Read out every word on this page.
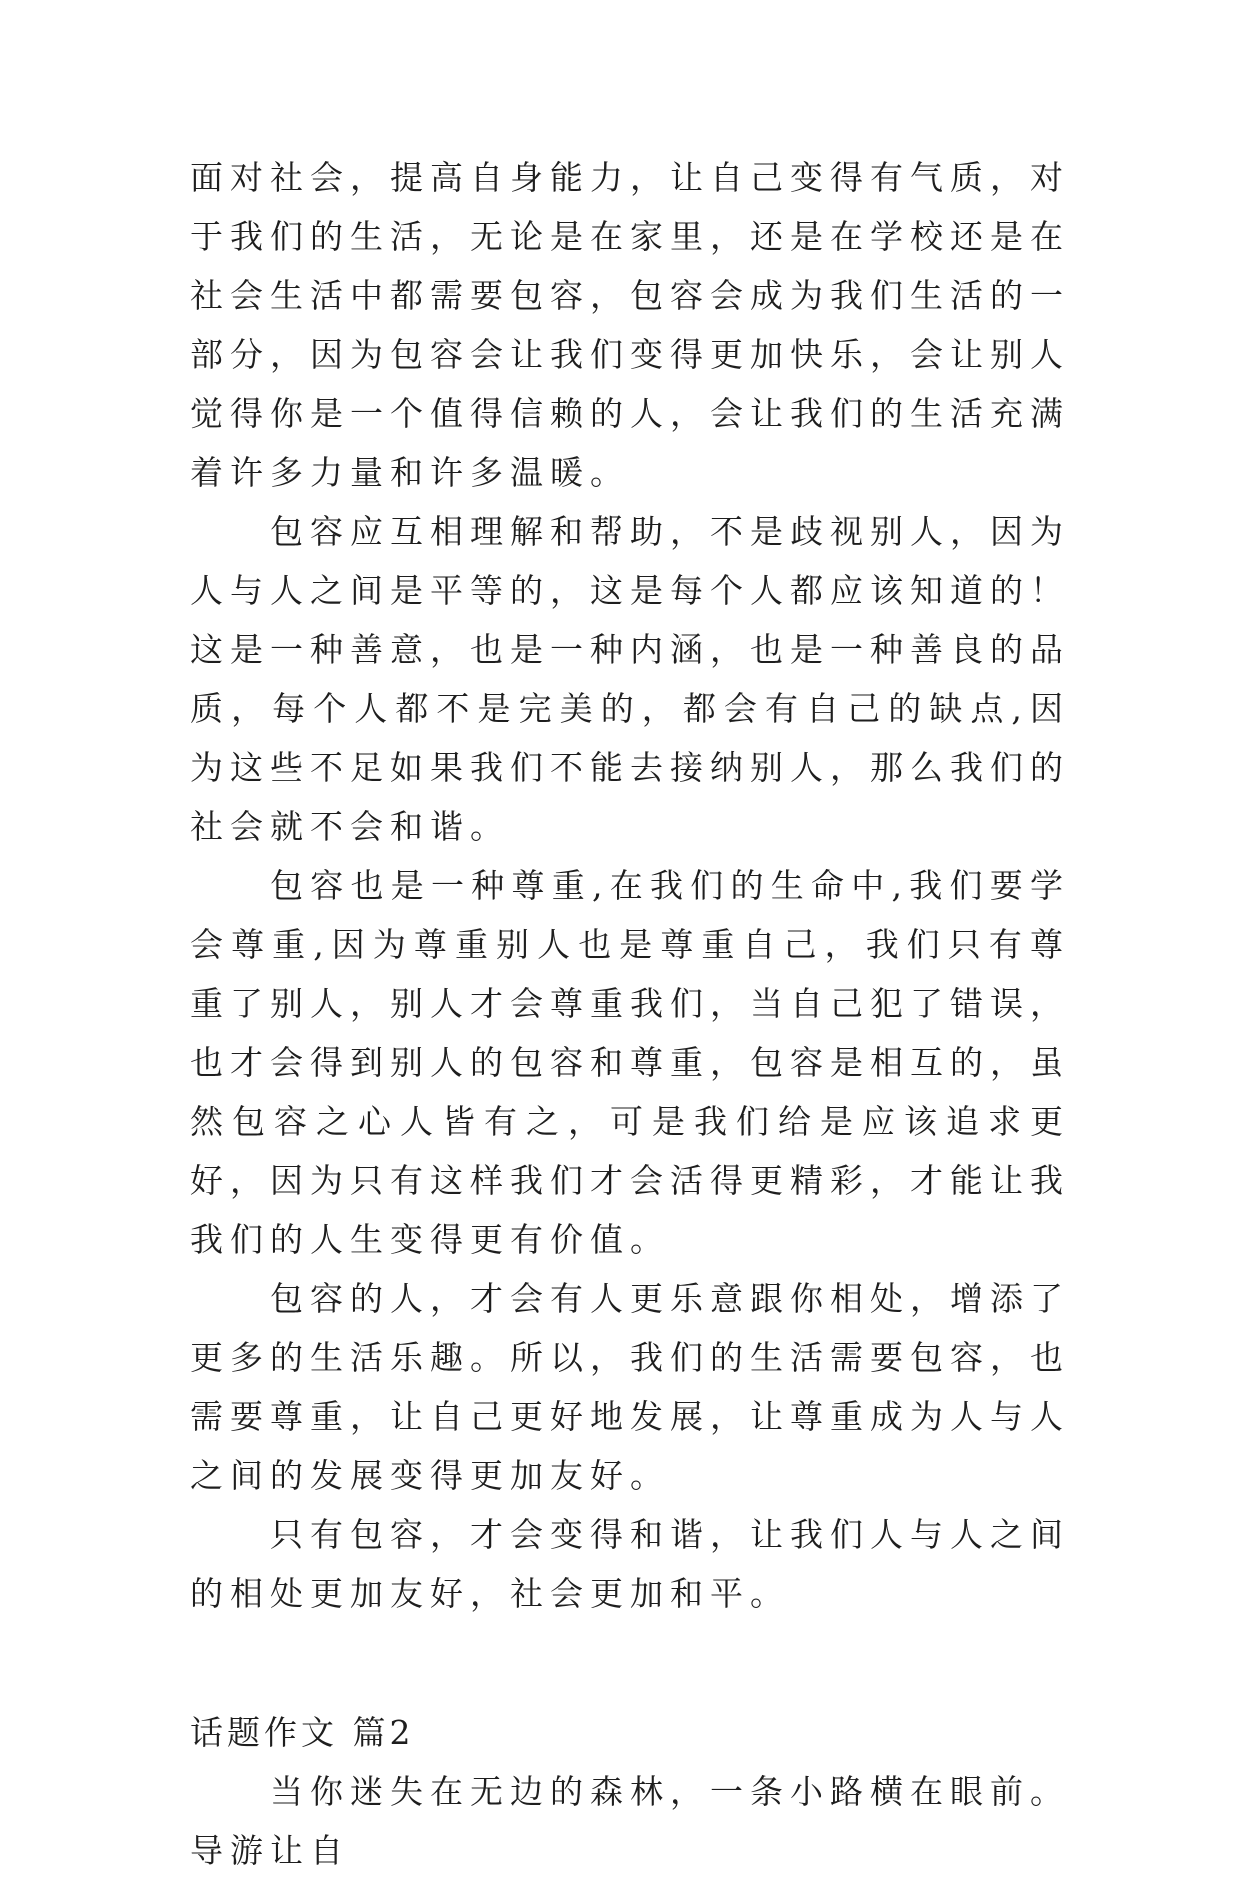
面对社会，提高自身能力，让自己变得有气质，对于我们的生活，无论是在家里，还是在学校还是在社会生活中都需要包容，包容会成为我们生活的一部分，因为包容会让我们变得更加快乐，会让别人觉得你是一个值得信赖的人，会让我们的生活充满着许多力量和许多温暖。

包容应互相理解和帮助，不是歧视别人，因为人与人之间是平等的，这是每个人都应该知道的！这是一种善意，也是一种内涵，也是一种善良的品质，每个人都不是完美的，都会有自己的缺点,因为这些不足如果我们不能去接纳别人，那么我们的社会就不会和谐。

包容也是一种尊重,在我们的生命中,我们要学会尊重,因为尊重别人也是尊重自己，我们只有尊重了别人，别人才会尊重我们，当自己犯了错误，也才会得到别人的包容和尊重，包容是相互的，虽然包容之心人皆有之，可是我们给是应该追求更好，因为只有这样我们才会活得更精彩，才能让我我们的人生变得更有价值。

包容的人，才会有人更乐意跟你相处，增添了更多的生活乐趣。所以，我们的生活需要包容，也需要尊重，让自己更好地发展，让尊重成为人与人之间的发展变得更加友好。

只有包容，才会变得和谐，让我们人与人之间的相处更加友好，社会更加和平。

话题作文 篇2

当你迷失在无边的森林，一条小路横在眼前。导游让自
